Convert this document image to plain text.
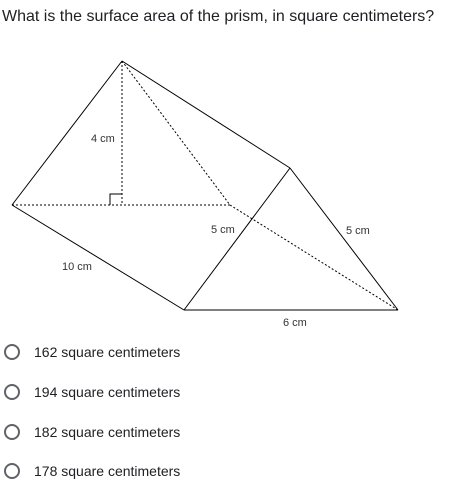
What is the surface area of the prism, in square centimeters?
4 cm
10 cm
5 cm	5 cm
6 cm
162 square centimeters
194 square centimeters
182 square centimeters
178 square centimeters
